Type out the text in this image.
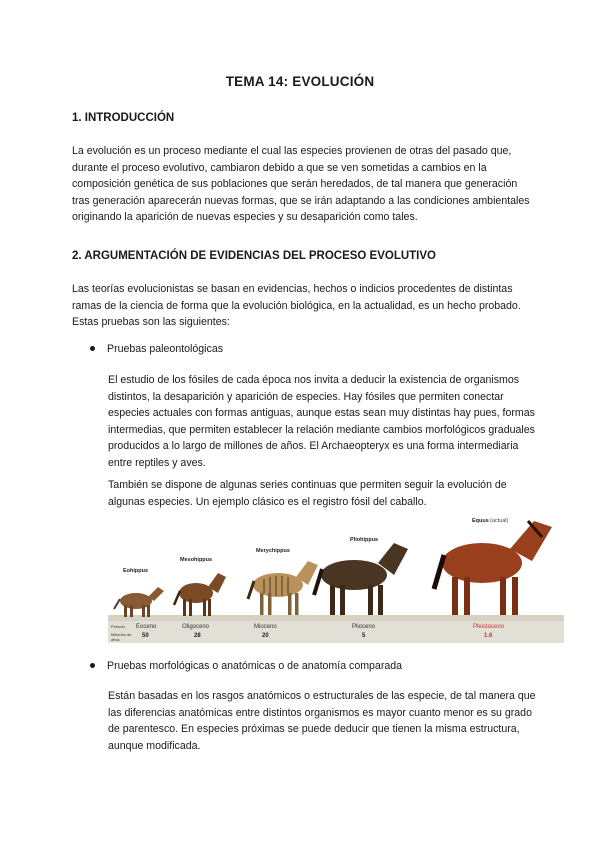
TEMA 14: EVOLUCIÓN
1. INTRODUCCIÓN

La evolución es un proceso mediante el cual las especies provienen de otras del pasado que, durante el proceso evolutivo, cambiaron debido a que se ven sometidas a cambios en la composición genética de sus poblaciones que serán heredados, de tal manera que generación tras generación aparecerán nuevas formas, que se irán adaptando a las condiciones ambientales originando la aparición de nuevas especies y su desaparición como tales.

2. ARGUMENTACIÓN DE EVIDENCIAS DEL PROCESO EVOLUTIVO

Las teorías evolucionistas se basan en evidencias, hechos o indicios procedentes de distintas ramas de la ciencia de forma que la evolución biológica, en la actualidad, es un hecho probado. Estas pruebas son las siguientes:

Pruebas paleontológicas

El estudio de los fósiles de cada época nos invita a deducir la existencia de organismos distintos, la desaparición y aparición de especies. Hay fósiles que permiten conectar especies actuales con formas antiguas, aunque estas sean muy distintas hay pues, formas intermedias, que permiten establecer la relación mediante cambios morfológicos graduales producidos a lo largo de millones de años. El Archaeopteryx es una forma intermediaria entre reptiles y aves.

También se dispone de algunas series continuas que permiten seguir la evolución de algunas especies. Un ejemplo clásico es el registro fósil del caballo.

Eohippus
Mesohippus
Merychippus
Pliohippus
Equus (actual)
Periodo
Millones de años
Eoceno	Oligoceno	Mioceno	Plioceno	Pleistoceno
50	28	20	5	1.6
Pruebas morfológicas o anatómicas o de anatomía comparada

Están basadas en los rasgos anatómicos o estructurales de las especie, de tal manera que las diferencias anatómicas entre distintos organismos es mayor cuanto menor es su grado de parentesco. En especies próximas se puede deducir que tienen la misma estructura, aunque modificada.
